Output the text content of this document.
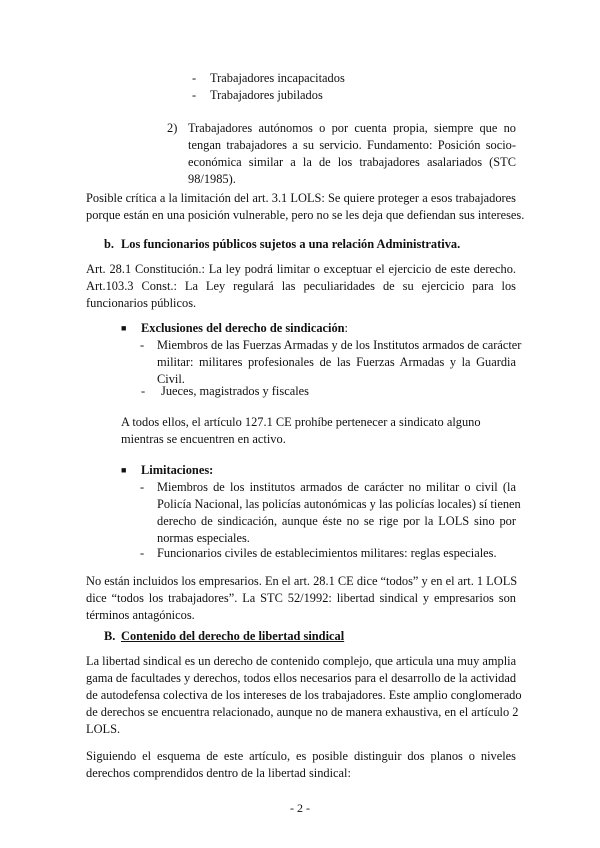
- Trabajadores incapacitados
- Trabajadores jubilados
2) Trabajadores autónomos o por cuenta propia, siempre que no
tengan trabajadores a su servicio. Fundamento: Posición socio-
económica similar a la de los trabajadores asalariados (STC
98/1985).
Posible crítica a la limitación del art. 3.1 LOLS: Se quiere proteger a esos trabajadores
porque están en una posición vulnerable, pero no se les deja que defiendan sus intereses.
b. Los funcionarios públicos sujetos a una relación Administrativa.
Art. 28.1 Constitución.: La ley podrá limitar o exceptuar el ejercicio de este derecho.
Art.103.3 Const.: La Ley regulará las peculiaridades de su ejercicio para los
funcionarios públicos.
■ Exclusiones del derecho de sindicación:
- Miembros de las Fuerzas Armadas y de los Institutos armados de carácter
militar: militares profesionales de las Fuerzas Armadas y la Guardia
Civil.
- Jueces, magistrados y fiscales
A todos ellos, el artículo 127.1 CE prohíbe pertenecer a sindicato alguno
mientras se encuentren en activo.
■ Limitaciones:
- Miembros de los institutos armados de carácter no militar o civil (la
Policía Nacional, las policías autonómicas y las policías locales) sí tienen
derecho de sindicación, aunque éste no se rige por la LOLS sino por
normas especiales.
- Funcionarios civiles de establecimientos militares: reglas especiales.
No están incluidos los empresarios. En el art. 28.1 CE dice “todos” y en el art. 1 LOLS
dice “todos los trabajadores”. La STC 52/1992: libertad sindical y empresarios son
términos antagónicos.
B. Contenido del derecho de libertad sindical
La libertad sindical es un derecho de contenido complejo, que articula una muy amplia
gama de facultades y derechos, todos ellos necesarios para el desarrollo de la actividad
de autodefensa colectiva de los intereses de los trabajadores. Este amplio conglomerado
de derechos se encuentra relacionado, aunque no de manera exhaustiva, en el artículo 2
LOLS.
Siguiendo el esquema de este artículo, es posible distinguir dos planos o niveles
derechos comprendidos dentro de la libertad sindical:
- 2 -
